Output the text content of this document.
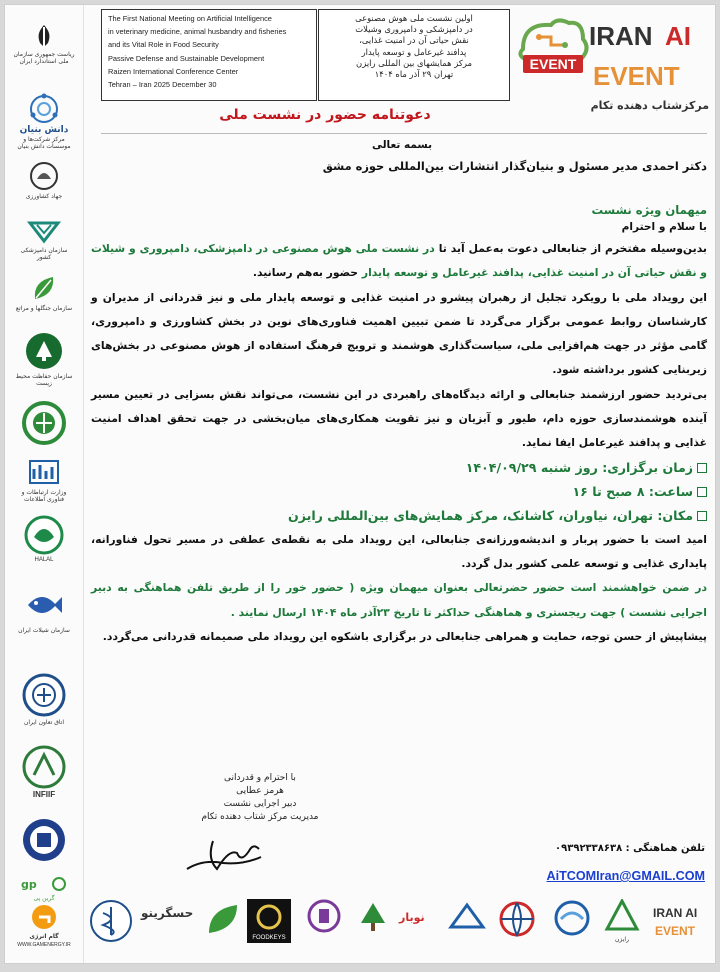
ریاست جمهوری سازمان ملی استاندارد ایران
دانش بنیان
مرکز شرکت‌ها و موسسات دانش بنیان
جهاد کشاورزی
سازمان دامپزشکی کشور
سازمان جنگلها و مراتع
سازمان حفاظت محیط زیست
وزارت ارتباطات و فناوری اطلاعات
HALAL
سازمان شیلات ایران
اتاق تعاون ایران
INFIIF
gp
گرین پی
گام انرژی
WWW.GAMENERGY.IR
The First National Meeting on Artificial Intelligence
in veterinary medicine, animal husbandry and fisheries
and its Vital Role in Food Security
Passive Defense and Sustainable Development
Raizen International Conference Center
Tehran – Iran 2025 December 30
اولین نشست ملی هوش مصنوعی
در دامپزشکی و دامپروری وشیلات
نقش حیاتی آن در امنیت غذایی،
پدافند غیرعامل و توسعه پایدار
مرکز همایشهای بین المللی رایزن
تهران ۲۹ آذر ماه ۱۴۰۴
EVENT
IRAN AI
EVENT
مرکزشتاب دهنده تکام
دعوتنامه حضور در نشست ملی
بسمه تعالی
دکتر احمدی مدیر مسئول و بنیان‌گذار انتشارات بین‌المللی حوزه مشق
میهمان ویژه نشست
با سلام و احترام

بدین‌وسیله مفتخرم از جنابعالی دعوت به‌عمل آید تا در نشست ملی هوش مصنوعی در دامپزشکی، دامپروری و شیلات و نقش حیاتی آن در امنیت غذایی، پدافند غیرعامل و توسعه پایدار حضور به‌هم رسانید.

این رویداد ملی با رویکرد تجلیل از رهبران پیشرو در امنیت غذایی و توسعه پایدار ملی و نیز قدردانی از مدیران و کارشناسان روابط عمومی برگزار می‌گردد تا ضمن تبیین اهمیت فناوری‌های نوین در بخش کشاورزی و دامپروری، گامی مؤثر در جهت هم‌افزایی ملی، سیاست‌گذاری هوشمند و ترویج فرهنگ استفاده از هوش مصنوعی در بخش‌های زیربنایی کشور برداشته شود.

بی‌تردید حضور ارزشمند جنابعالی و ارائه دیدگاه‌های راهبردی در این نشست، می‌تواند نقش بسزایی در تعیین مسیر آینده هوشمندسازی حوزه دام، طیور و آبزیان و نیز تقویت همکاری‌های میان‌بخشی در جهت تحقق اهداف امنیت غذایی و پدافند غیرعامل ایفا نماید.

زمان برگزاری: روز شنبه ۱۴۰۴/۰۹/۲۹
ساعت: ۸ صبح تا ۱۶
مکان: تهران، نیاوران، کاشانک، مرکز همایش‌های بین‌المللی رایزن

امید است با حضور پربار و اندیشه‌ورزانه‌ی جنابعالی، این رویداد ملی به نقطه‌ی عطفی در مسیر تحول فناورانه، پایداری غذایی و توسعه علمی کشور بدل گردد.

در ضمن خواهشمند است حضور حضرتعالی بعنوان میهمان ویژه ( حضور خور را از طریق تلفن هماهنگی به دبیر اجرایی نشست ) جهت ریجستری و هماهنگی حداکثر تا تاریخ ۲۳آذر ماه ۱۴۰۴ ارسال نمایند .

پیشاپیش از حسن توجه، حمایت و همراهی جنابعالی در برگزاری باشکوه این رویداد ملی صمیمانه قدردانی می‌گردد.

با احترام و قدردانی
هرمز عطایی
دبیر اجرایی نشست
مدیریت مرکز شتاب دهنده تکام
تلفن هماهنگی : ۰۹۳۹۲۳۳۸۶۳۸
AiTCOMIran@GMAIL.COM
حسگرینو
FOODKEYS
نوبار
رایزن
IRAN AI
EVENT
